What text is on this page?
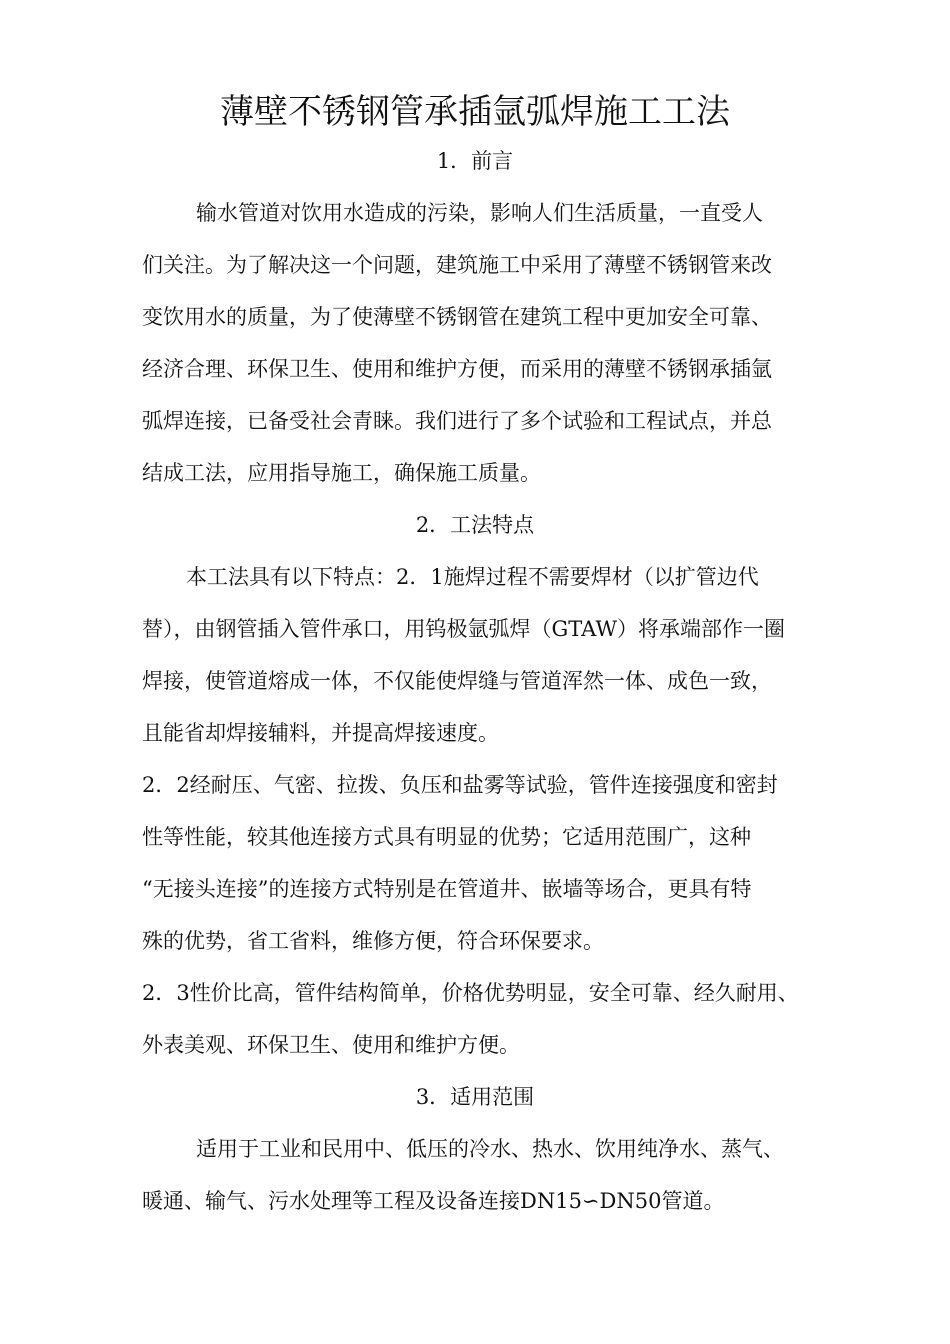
薄壁不锈钢管承插氩弧焊施工工法
1．前言

输水管道对饮用水造成的污染，影响人们生活质量，一直受人

们关注。为了解决这一个问题，建筑施工中采用了薄壁不锈钢管来改

变饮用水的质量，为了使薄壁不锈钢管在建筑工程中更加安全可靠、

经济合理、环保卫生、使用和维护方便，而采用的薄壁不锈钢承插氩

弧焊连接，已备受社会青睐。我们进行了多个试验和工程试点，并总

结成工法，应用指导施工，确保施工质量。

2．工法特点

本工法具有以下特点：2．1施焊过程不需要焊材（以扩管边代

替），由钢管插入管件承口，用钨极氩弧焊（GTAW）将承端部作一圈

焊接，使管道熔成一体，不仅能使焊缝与管道浑然一体、成色一致，

且能省却焊接辅料，并提高焊接速度。

2．2经耐压、气密、拉拨、负压和盐雾等试验，管件连接强度和密封

性等性能，较其他连接方式具有明显的优势；它适用范围广，这种

“无接头连接”的连接方式特别是在管道井、嵌墙等场合，更具有特

殊的优势，省工省料，维修方便，符合环保要求。

2．3性价比高，管件结构简单，价格优势明显，安全可靠、经久耐用、

外表美观、环保卫生、使用和维护方便。

3．适用范围

适用于工业和民用中、低压的冷水、热水、饮用纯净水、蒸气、

暖通、输气、污水处理等工程及设备连接DN15∽DN50管道。
